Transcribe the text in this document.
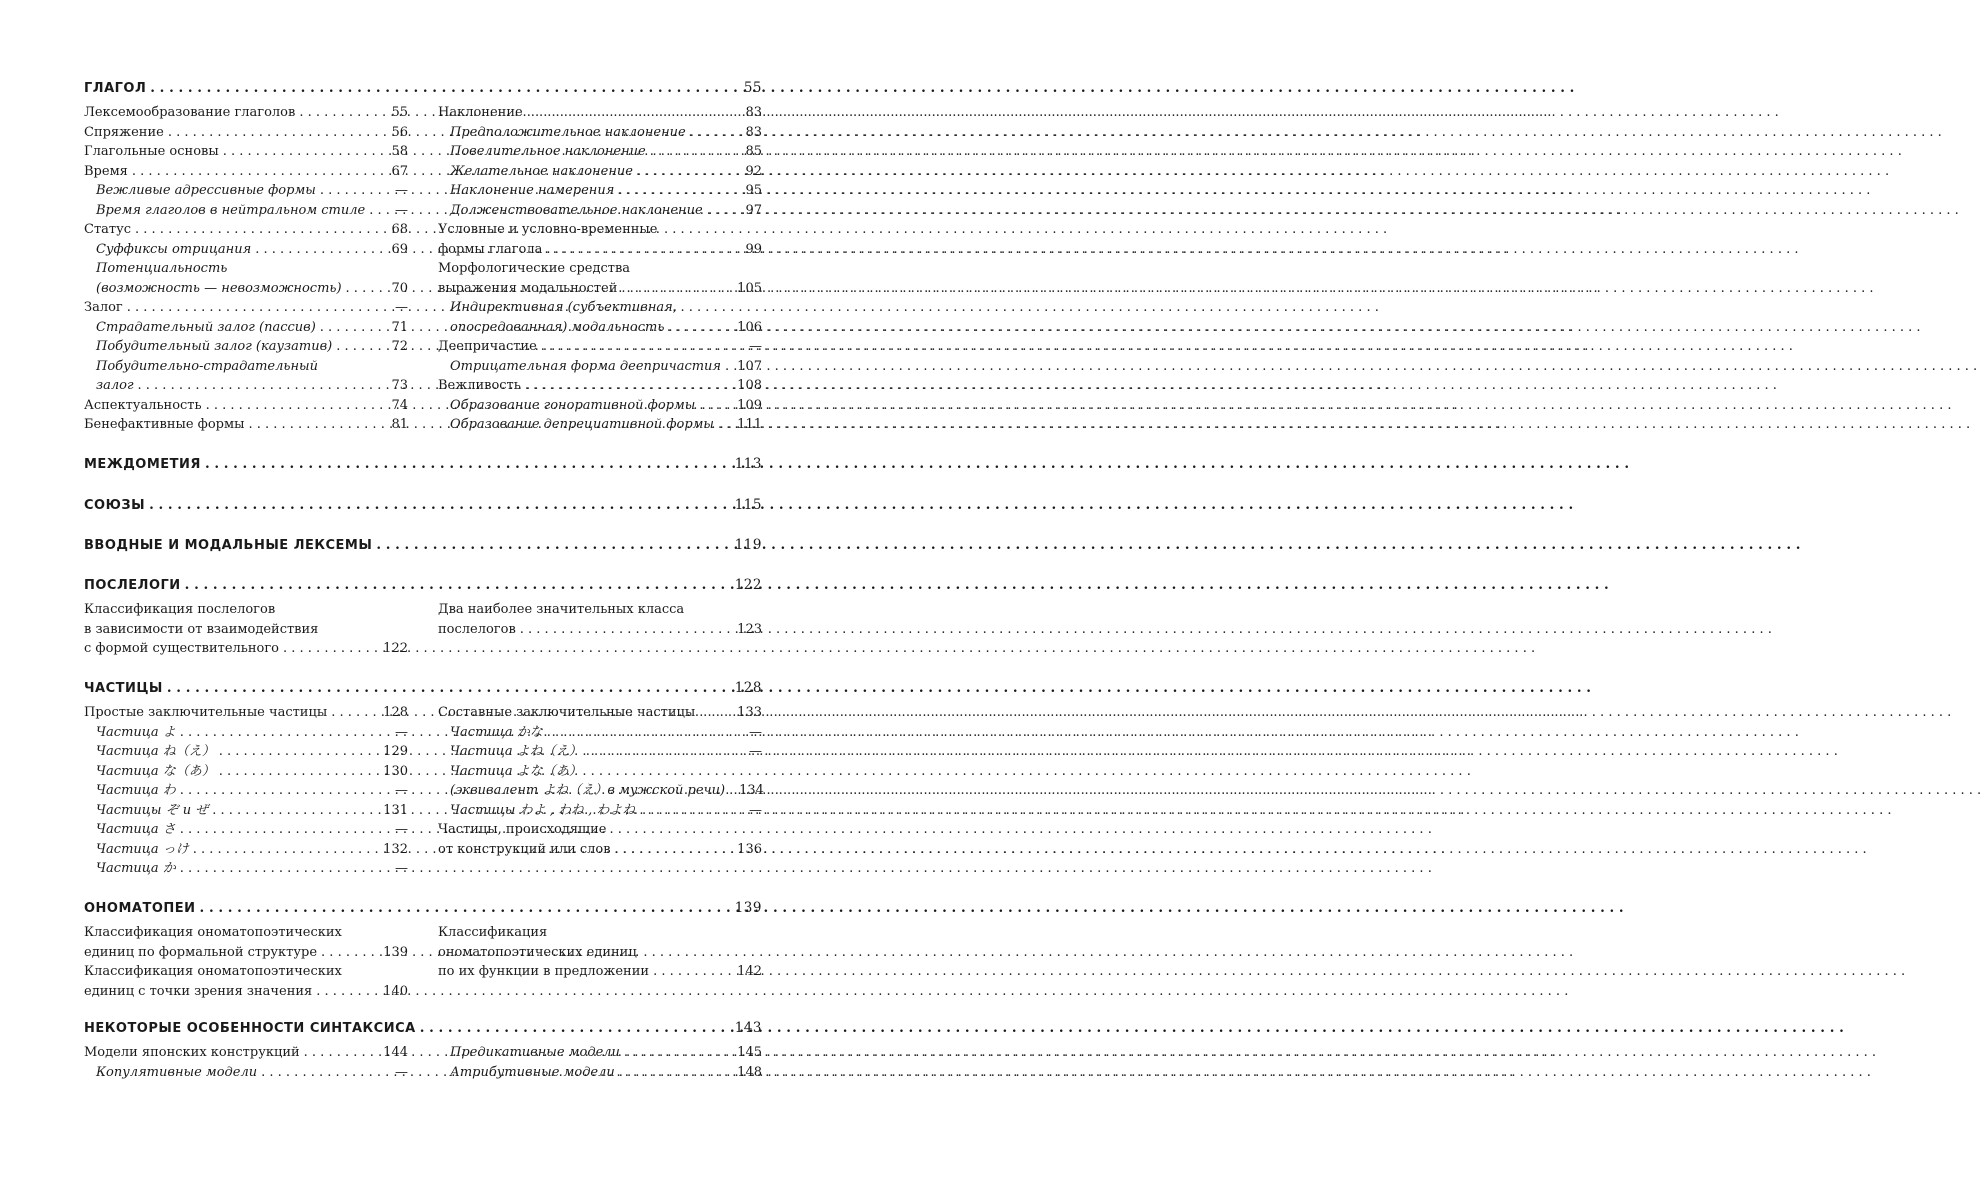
ГЛАГОЛ . . .	55
Лексемообразование глаголов . . .	55
Спряжение . . .	56
Глагольные основы . . .	58
Время . . .	67
Вежливые адрессивные формы . . .	—
Время глаголов в нейтральном стиле . . . —
Статус . . .	68
Суффиксы отрицания . . .	69
Потенциальность
(возможность — невозможность) . . .	70
Залог . . .	—
Страдательный залог (пассив) . . .	71
Побудительный залог (каузатив) . . .	72
Побудительно-страдательный
залог . . .	73
Аспектуальность . . .	74
Бенефактивные формы . . .	81
Наклонение . . .	83
Предположительное наклонение . . .	83
Повелительное наклонение . . .	85
Желательное наклонение . . .	92
Наклонение намерения . . .	95
Долженствовательное наклонение . . .	97
Условные и условно-временные
формы глагола . . .	99
Морфологические средства
выражения модальностей . . .	105
Индирективная (субъективная,
опосредованная) модальность . . .	106
Деепричастие . . .	—
Отрицательная форма деепричастия . . . 107
Вежливость . . .	108
Образование гоноративной формы . . .	109
Образование депрециативной формы . . . 111
МЕЖДОМЕТИЯ . . .	113
СОЮЗЫ . . .	115
ВВОДНЫЕ И МОДАЛЬНЫЕ ЛЕКСЕМЫ . . .	119
ПОСЛЕЛОГИ . . .	122
Классификация послелогов
в зависимости от взаимодействия
с формой существительного . . .	122
Два наиболее значительных класса
послелогов . . .	123
ЧАСТИЦЫ . . .	128
Простые заключительные частицы . . .	128
Частица よ . . .	—
Частица ね（え） . . .	129
Частица な（あ） . . .	130
Частица わ . . .	—
Частицы ぞ и ぜ . . .	131
Частица さ . . .	—
Частица っけ . . .	132
Частица か . . .	—
Составные заключительные частицы . . .	133
Частица かな . . .	—
Частица よね（え） . . .	—
Частица よな（あ）
(эквивалент よね（え）в мужской речи) . . . 134
Частицы わよ , わね , わよね . . .	—
Частицы, происходящие
от конструкций или слов . . .	136
ОНОМАТОПЕИ . . .	139
Классификация ономатопоэтических
единиц по формальной структуре . . .	139
Классификация ономатопоэтических
единиц с точки зрения значения . . .	140
Классификация
ономатопоэтических единиц
по их функции в предложении . . .	142
НЕКОТОРЫЕ ОСОБЕННОСТИ СИНТАКСИСА . . .	143
Модели японских конструкций . . .	144
Копулятивные модели . . .	—
Предикативные модели . . .	145
Атрибутивные модели . . .	148
